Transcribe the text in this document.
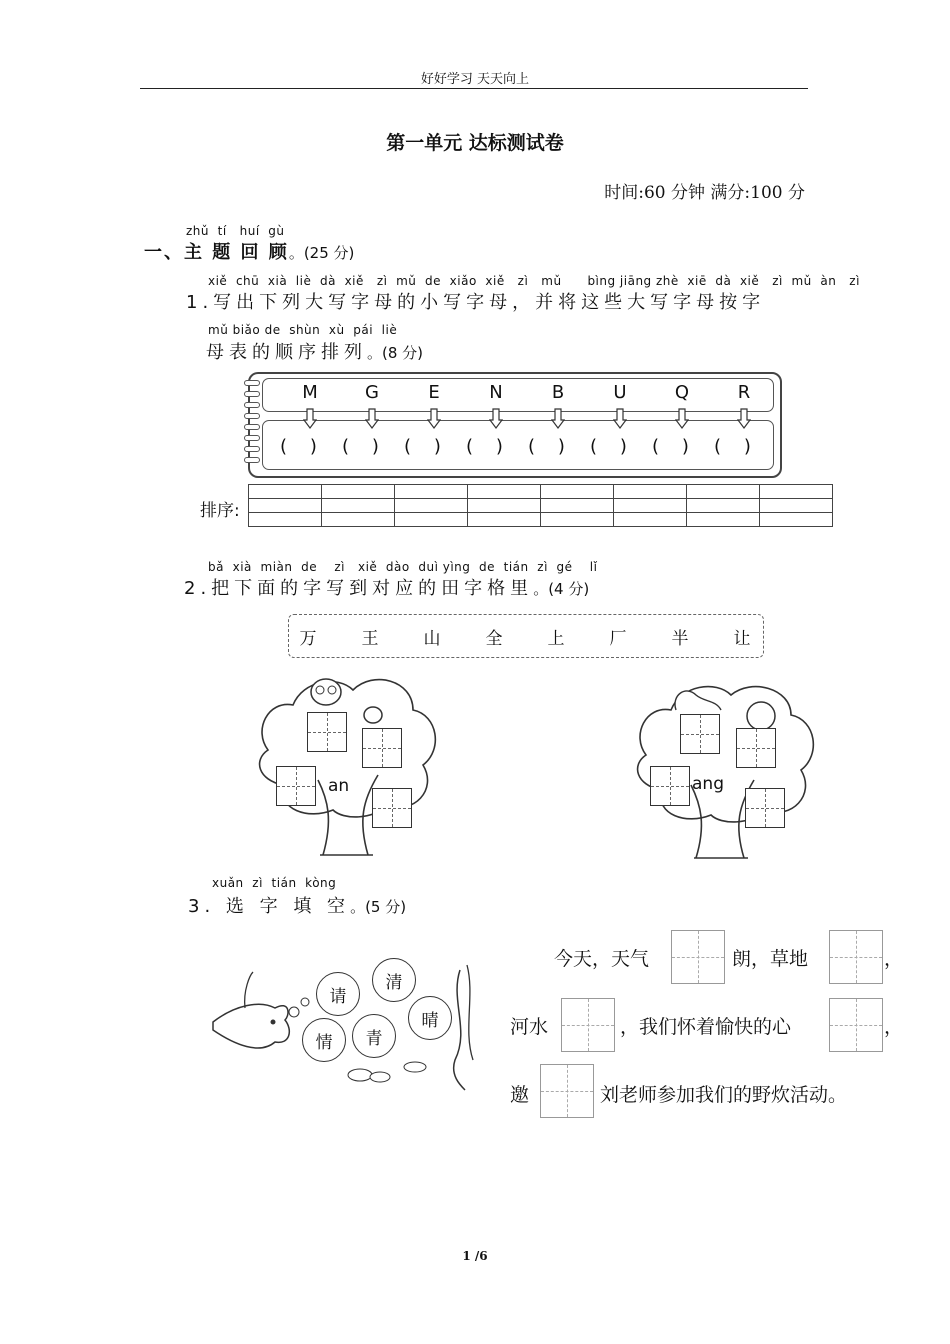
好好学习 天天向上
第一单元 达标测试卷
时间:60 分钟 满分:100 分
zhǔ  tí   huí  gù
一、主 题 回 顾。(25 分)
xiě  chū  xià  liè  dà  xiě   zì  mǔ  de  xiǎo  xiě   zì   mǔ      bìng jiāng zhè  xiē  dà  xiě   zì  mǔ  àn   zì
1.写出下列大写字母的小写字母，并将这些大写字母按字
mǔ biǎo de  shùn  xù  pái  liè
母表的顺序排列。(8 分)
M
(    )
G
(    )
E
(    )
N
(    )
B
(    )
U
(    )
Q
(    )
R
(    )
排序:

bǎ  xià  miàn  de    zì   xiě  dào  duì yìng  de  tián  zì  gé    lǐ
2.把下面的字写到对应的田字格里。(4 分)
万	王	山	全	上	厂	半	让
an	ang
xuǎn  zì  tián  kòng
3. 选 字 填 空。(5 分)
请
清
晴
情 青
今天，天气	朗，草地	，
河水	，我们怀着愉快的心	，
邀	刘老师参加我们的野炊活动。
1 /6
